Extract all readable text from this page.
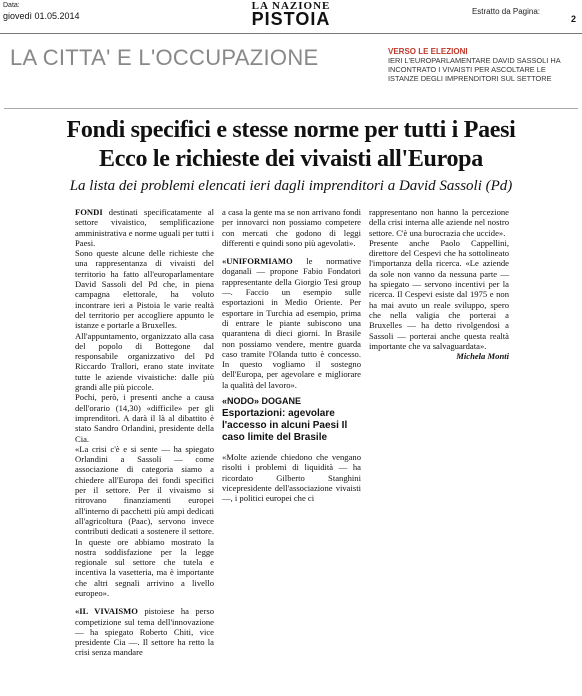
Data:
giovedì 01.05.2014
LA NAZIONE
PISTOIA	Estratto da Pagina:
2
LA CITTA' E L'OCCUPAZIONE	VERSO LE ELEZIONI
IERI L'EUROPARLAMENTARE DAVID SASSOLI HA INCONTRATO I VIVAISTI PER ASCOLTARE LE ISTANZE DEGLI IMPRENDITORI SUL SETTORE
Fondi specifici e stesse norme per tutti i Paesi
Ecco le richieste dei vivaisti all'Europa
La lista dei problemi elencati ieri dagli imprenditori a David Sassoli (Pd)

FONDI destinati specificatamente al settore vivaistico, semplificazione amministrativa e norme uguali per tutti i Paesi.

Sono queste alcune delle richieste che una rappresentanza di vivaisti del territorio ha fatto all'europarlamentare David Sassoli del Pd che, in piena campagna elettorale, ha voluto incontrare ieri a Pistoia le varie realtà del territorio per accogliere appunto le istanze e portarle a Bruxelles.

All'appuntamento, organizzato alla casa del popolo di Bottegone dal responsabile organizzativo del Pd Riccardo Trallori, erano state invitate tutte le aziende vivaistiche: dalle più grandi alle più piccole.

Pochi, però, i presenti anche a causa dell'orario (14,30) «difficile» per gli imprenditori. A darà il là al dibattito è stato Sandro Orlandini, presidente della Cia.

«La crisi c'è e si sente — ha spiegato Orlandini a Sassoli — come associazione di categoria siamo a chiedere all'Europa dei fondi specifici per il settore. Per il vivaismo si ritrovano finanziamenti europei all'interno di pacchetti più ampi dedicati all'agricoltura (Paac), servono invece contributi dedicati a sostenere il settore. In queste ore abbiamo mostrato la nostra soddisfazione per la legge regionale sul settore che tutela e incentiva la vasetteria, ma è importante che altri segnali arrivino a livello europeo».

«IL VIVAISMO pistoiese ha perso competizione sul tema dell'innovazione — ha spiegato Roberto Chiti, vice presidente Cia —. Il settore ha retto la crisi senza mandare

a casa la gente ma se non arrivano fondi per innovarci non possiamo competere con mercati che godono di leggi differenti e quindi sono più agevolati».

«UNIFORMIAMO le normative doganali — propone Fabio Fondatori rappresentante della Giorgio Tesi group —. Faccio un esempio sulle esportazioni in Medio Oriente. Per esportare in Turchia ad esempio, prima di entrare le piante subiscono una quarantena di dieci giorni. In Brasile non possiamo vendere, mentre guarda caso tramite l'Olanda tutto è concesso. In questo vogliamo il sostegno dell'Europa, per agevolare e migliorare la qualità del lavoro».

«NODO» DOGANE
Esportazioni: agevolare l'accesso in alcuni Paesi Il caso limite del Brasile

«Molte aziende chiedono che vengano risolti i problemi di liquidità — ha ricordato Gilberto Stanghini vicepresidente dell'associazione vivaisti —, i politici europei che ci

rappresentano non hanno la percezione della crisi interna alle aziende nel nostro settore. C'è una burocrazia che uccide».

Presente anche Paolo Cappellini, direttore del Cespevi che ha sottolineato l'importanza della ricerca. «Le aziende da sole non vanno da nessuna parte — ha spiegato — servono incentivi per la ricerca. Il Cespevi esiste dal 1975 e non ha mai avuto un reale sviluppo, spero che nella valigia che porterai a Bruxelles — ha detto rivolgendosi a Sassoli — porterai anche questa realtà importante che va salvaguardata».

Michela Monti
